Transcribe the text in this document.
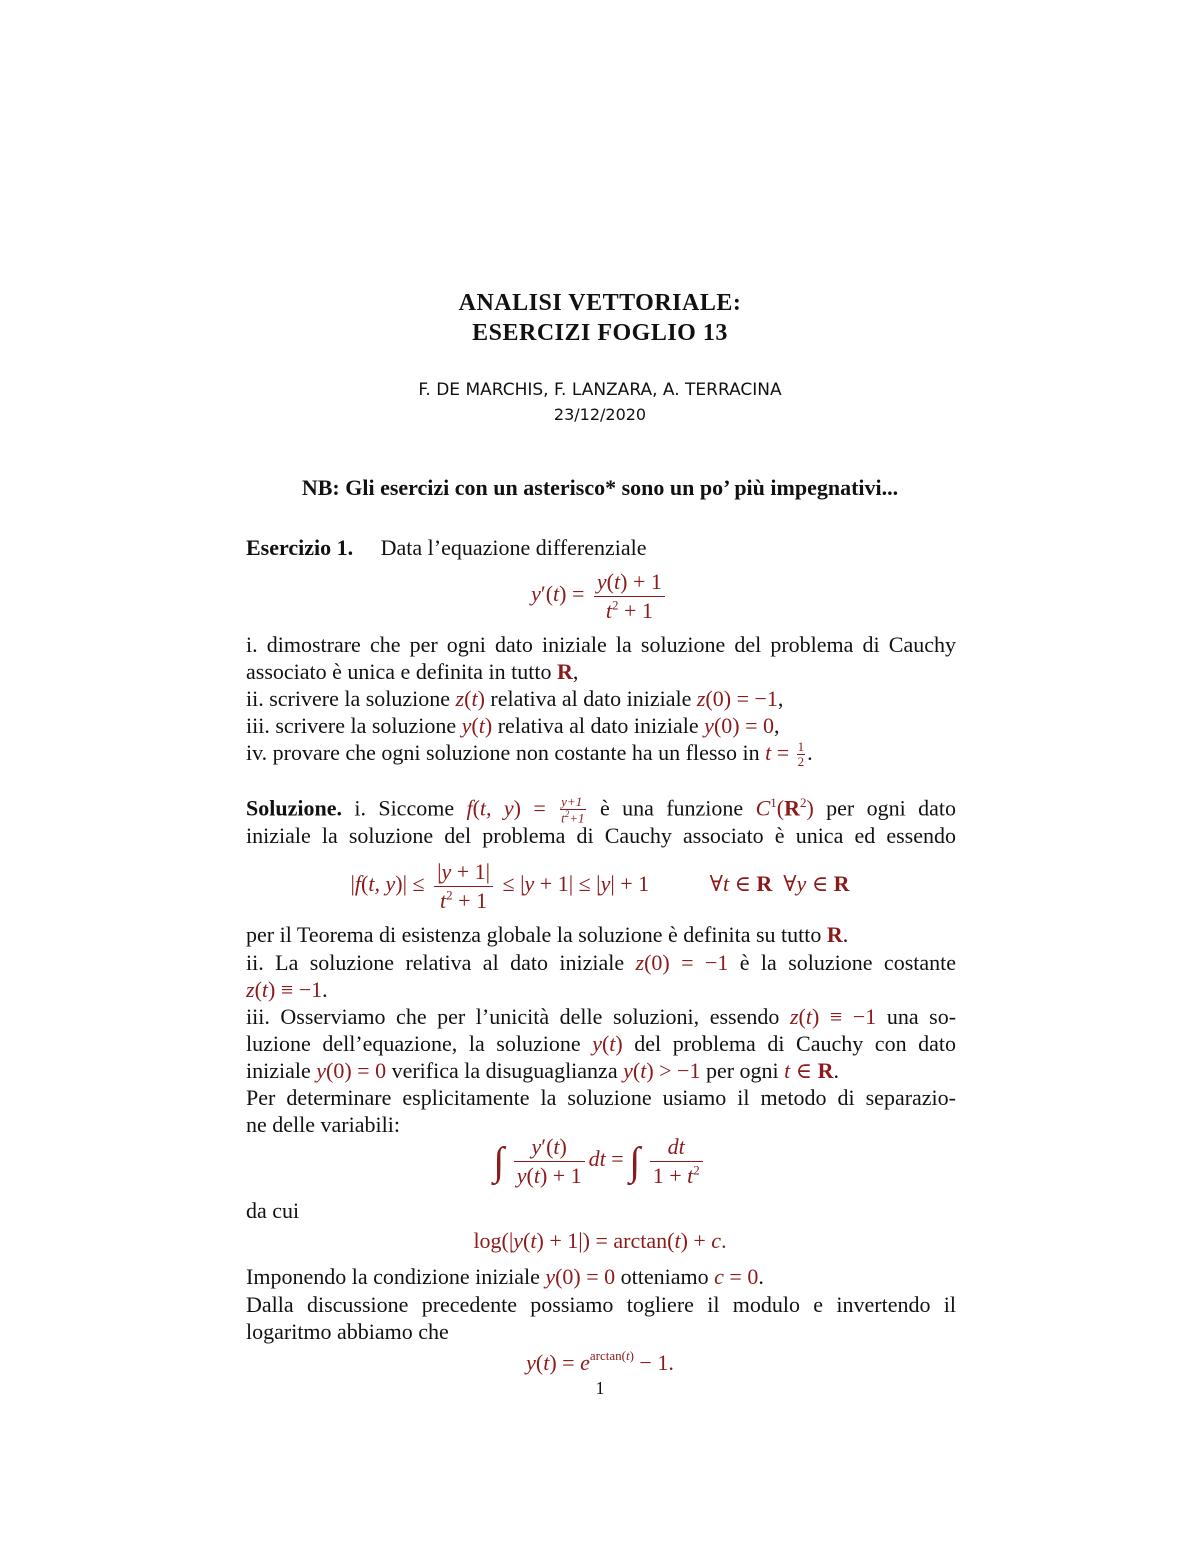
ANALISI VETTORIALE:
ESERCIZI FOGLIO 13
F. DE MARCHIS, F. LANZARA, A. TERRACINA
23/12/2020
NB: Gli esercizi con un asterisco* sono un po’ più impegnativi...
Esercizio 1. Data l’equazione differenziale
$y'(t) = \frac{y(t) + 1}{t^2 + 1}$
i. dimostrare che per ogni dato iniziale la soluzione del problema di Cauchy
associato è unica e definita in tutto R,
ii. scrivere la soluzione z(t) relativa al dato iniziale z(0) = −1,
iii. scrivere la soluzione y(t) relativa al dato iniziale y(0) = 0,
iv. provare che ogni soluzione non costante ha un flesso in $t = \frac{1}{2}$ .
Soluzione. i. Siccome f(t, $y) = \frac{y+1}{t^2+1}$ è una funzione $C^1(R^2)$ per ogni dato
iniziale la soluzione del problema di Cauchy associato è unica ed essendo
|f(t, $y)| \le \frac{|y + 1|}{t^2 + 1} \le |y + 1| \le |y| + 1$           ∀t ∈ R  ∀y ∈ R
per il Teorema di esistenza globale la soluzione è definita su tutto R.
ii. La soluzione relativa al dato iniziale z(0) = −1 è la soluzione costante
z(t) ≡ −1.
iii. Osserviamo che per l’unicità delle soluzioni, essendo z(t) ≡ −1 una so-
luzione dell’equazione, la soluzione y(t) del problema di Cauchy con dato
iniziale y(0) = 0 verifica la disuguaglianza y(t) > −1 per ogni t ∈ R.
Per determinare esplicitamente la soluzione usiamo il metodo di separazio-
ne delle variabili:
∫ $\frac{y'(t)}{y(t) + 1}$ dt = ∫ $\frac{dt}{1 + t^2}$
da cui
log(|y(t) + 1|) = arctan(t) + c.
Imponendo la condizione iniziale y(0) = 0 otteniamo c = 0.
Dalla discussione precedente possiamo togliere il modulo e invertendo il
logaritmo abbiamo che
$y(t) = e^{arctan(t)} - 1$.
1
